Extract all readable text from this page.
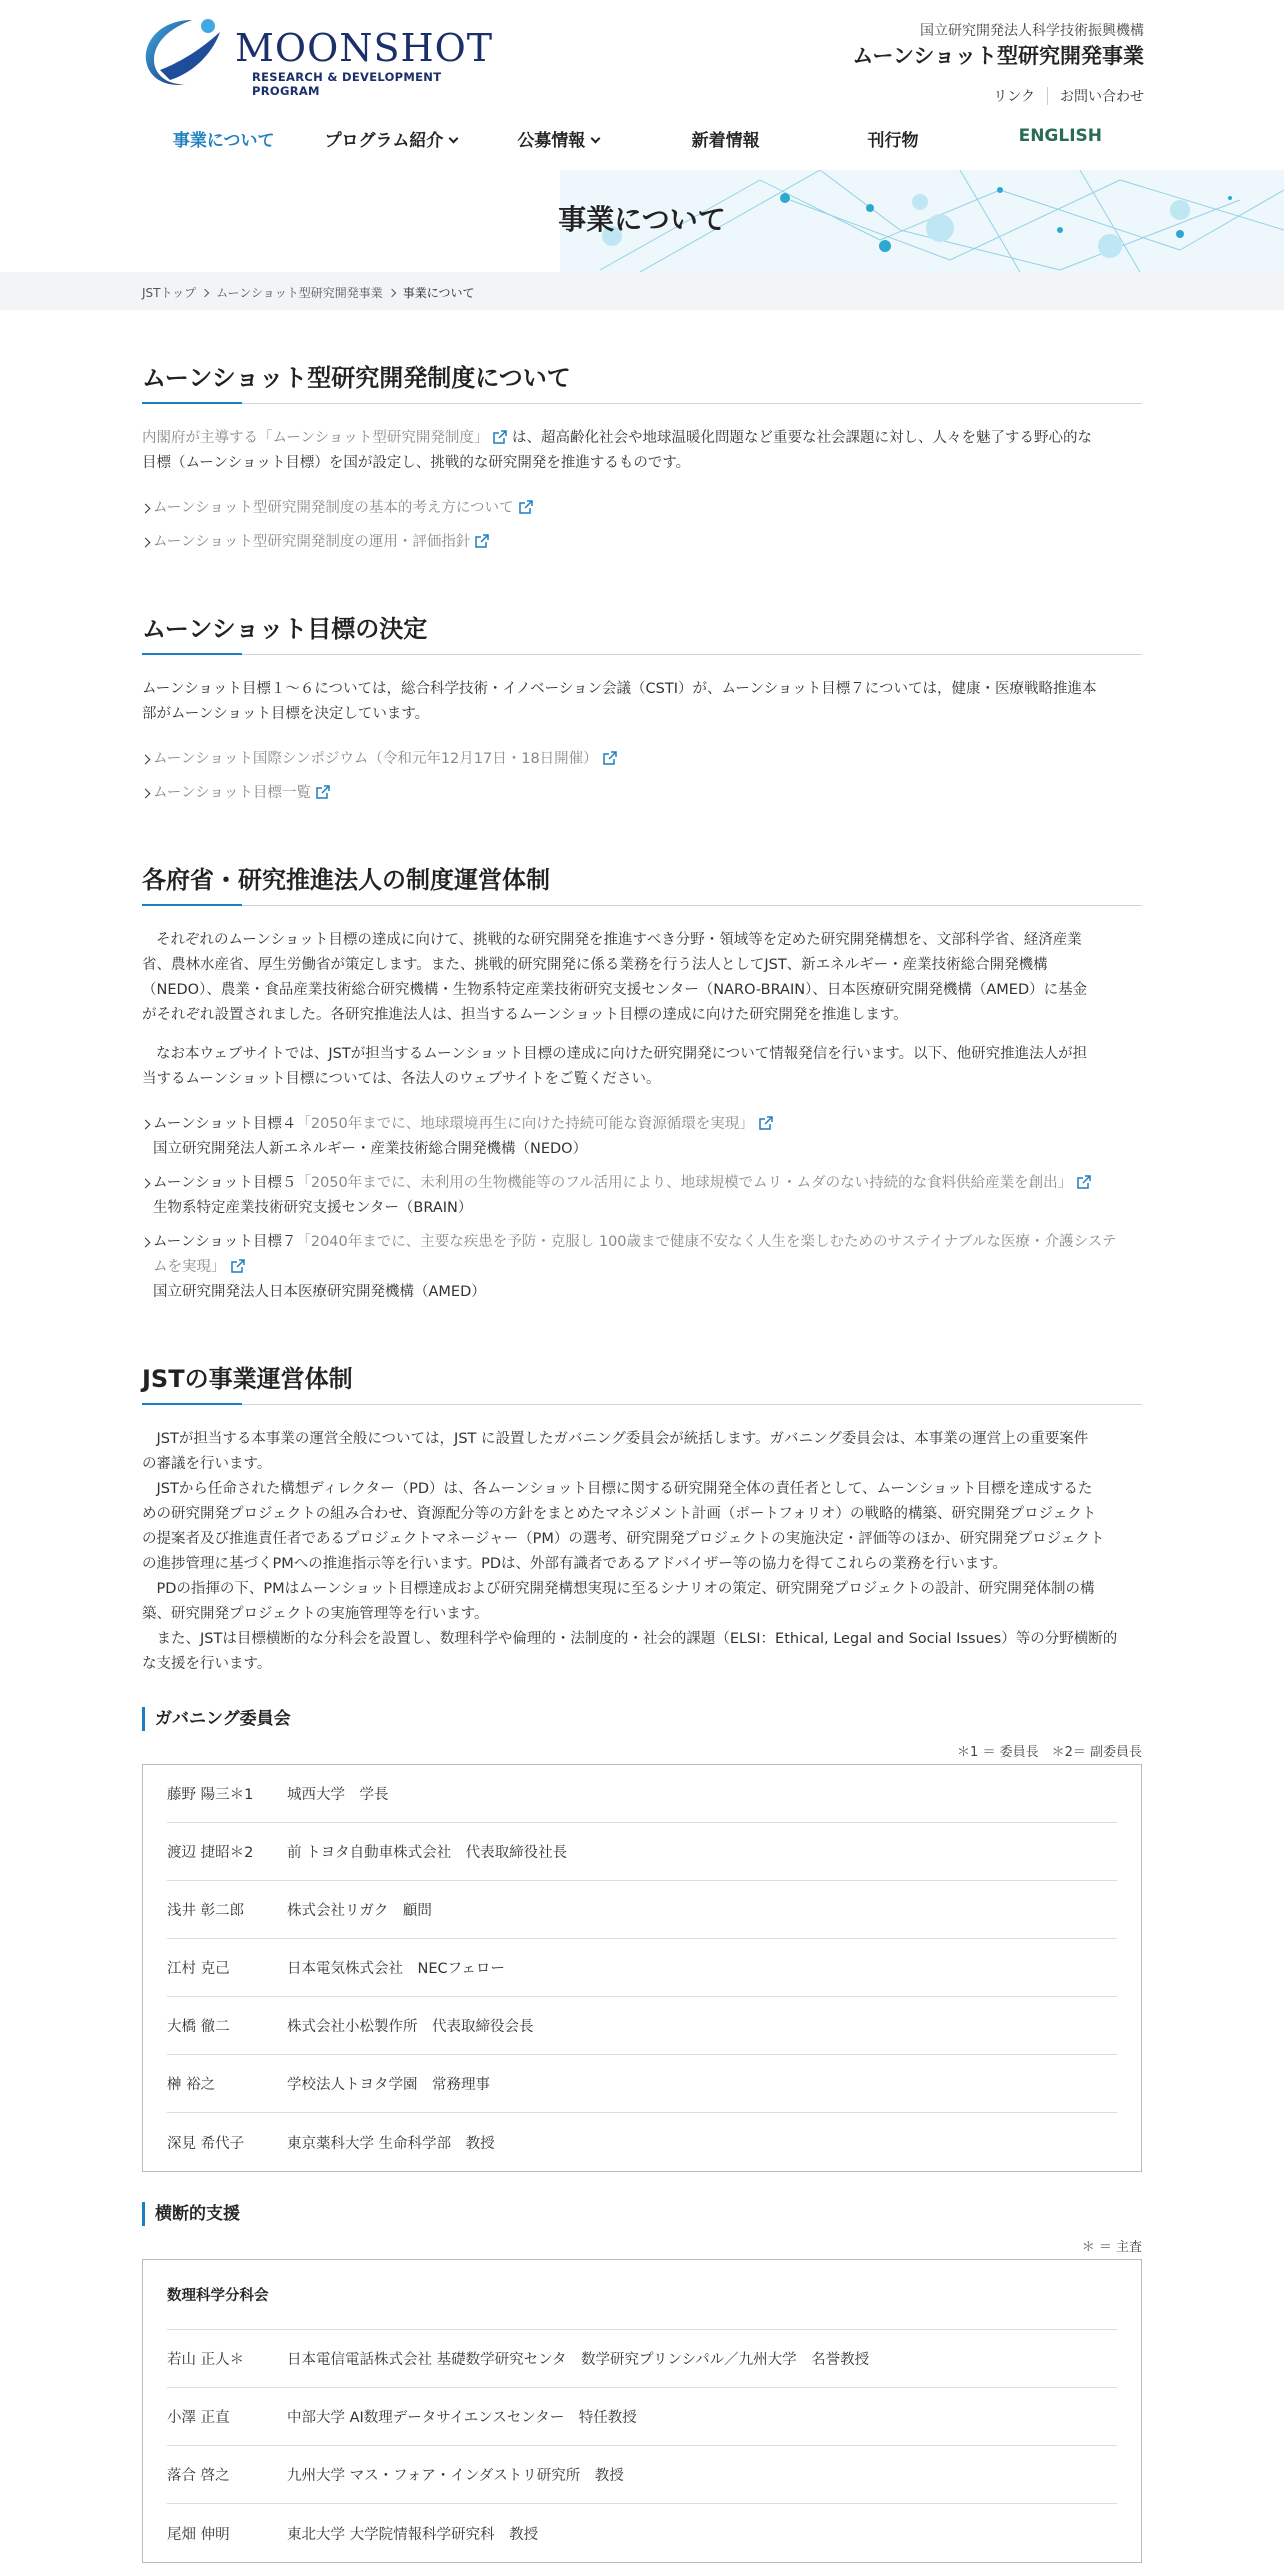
MOONSHOT
RESEARCH & DEVELOPMENT PROGRAM
国立研究開発法人科学技術振興機構
ムーンショット型研究開発事業
リンク	お問い合わせ
事業について	プログラム紹介	公募情報	新着情報	刊行物	ENGLISH
事業について
JSTトップ ムーンショット型研究開発事業 事業について
ムーンショット型研究開発制度について

内閣府が主導する「ムーンショット型研究開発制度」 は、超高齢化社会や地球温暖化問題など重要な社会課題に対し、人々を魅了する野心的な
目標（ムーンショット目標）を国が設定し、挑戦的な研究開発を推進するものです。

ムーンショット型研究開発制度の基本的考え方について
ムーンショット型研究開発制度の運用・評価指針
ムーンショット目標の決定

ムーンショット目標１～６については，総合科学技術・イノベーション会議（CSTI）が、ムーンショット目標７については，健康・医療戦略推進本
部がムーンショット目標を決定しています。

ムーンショット国際シンポジウム（令和元年12月17日・18日開催）
ムーンショット目標一覧
各府省・研究推進法人の制度運営体制

それぞれのムーンショット目標の達成に向けて、挑戦的な研究開発を推進すべき分野・領域等を定めた研究開発構想を、文部科学省、経済産業
省、農林水産省、厚生労働省が策定します。また、挑戦的研究開発に係る業務を行う法人としてJST、新エネルギー・産業技術総合開発機構
（NEDO）、農業・食品産業技術総合研究機構・生物系特定産業技術研究支援センター（NARO-BRAIN）、日本医療研究開発機構（AMED）に基金
がそれぞれ設置されました。各研究推進法人は、担当するムーンショット目標の達成に向けた研究開発を推進します。

なお本ウェブサイトでは、JSTが担当するムーンショット目標の達成に向けた研究開発について情報発信を行います。以下、他研究推進法人が担
当するムーンショット目標については、各法人のウェブサイトをご覧ください。

ムーンショット目標４「2050年までに、地球環境再生に向けた持続可能な資源循環を実現」
国立研究開発法人新エネルギー・産業技術総合開発機構（NEDO）
ムーンショット目標５「2050年までに、未利用の生物機能等のフル活用により、地球規模でムリ・ムダのない持続的な食料供給産業を創出」
生物系特定産業技術研究支援センター（BRAIN）
ムーンショット目標７「2040年までに、主要な疾患を予防・克服し 100歳まで健康不安なく人生を楽しむためのサステイナブルな医療・介護システ
ムを実現」
国立研究開発法人日本医療研究開発機構（AMED）
JSTの事業運営体制

　JSTが担当する本事業の運営全般については，JST に設置したガバニング委員会が統括します。ガバニング委員会は、本事業の運営上の重要案件
の審議を行います。
　JSTから任命された構想ディレクター（PD）は、各ムーンショット目標に関する研究開発全体の責任者として、ムーンショット目標を達成するた
めの研究開発プロジェクトの組み合わせ、資源配分等の方針をまとめたマネジメント計画（ポートフォリオ）の戦略的構築、研究開発プロジェクト
の提案者及び推進責任者であるプロジェクトマネージャー（PM）の選考、研究開発プロジェクトの実施決定・評価等のほか、研究開発プロジェクト
の進捗管理に基づくPMへの推進指示等を行います。PDは、外部有識者であるアドバイザー等の協力を得てこれらの業務を行います。
　PDの指揮の下、PMはムーンショット目標達成および研究開発構想実現に至るシナリオの策定、研究開発プロジェクトの設計、研究開発体制の構
築、研究開発プロジェクトの実施管理等を行います。
　また、JSTは目標横断的な分科会を設置し、数理科学や倫理的・法制度的・社会的課題（ELSI：Ethical, Legal and Social Issues）等の分野横断的
な支援を行います。

ガバニング委員会
＊1 ＝ 委員長　＊2＝ 副委員長
藤野 陽三＊1	城西大学　学長
渡辺 捷昭＊2	前 トヨタ自動車株式会社　代表取締役社長
浅井 彰二郎	株式会社リガク　顧問
江村 克己	日本電気株式会社　NECフェロー
大橋 徹二	株式会社小松製作所　代表取締役会長
榊 裕之	学校法人トヨタ学園　常務理事
深見 希代子	東京薬科大学 生命科学部　教授
横断的支援
＊ ＝ 主査
数理科学分科会
若山 正人＊	日本電信電話株式会社 基礎数学研究センタ　数学研究プリンシパル／九州大学　名誉教授
小澤 正直	中部大学 AI数理データサイエンスセンター　特任教授
落合 啓之	九州大学 マス・フォア・インダストリ研究所　教授
尾畑 伸明	東北大学 大学院情報科学研究科　教授
